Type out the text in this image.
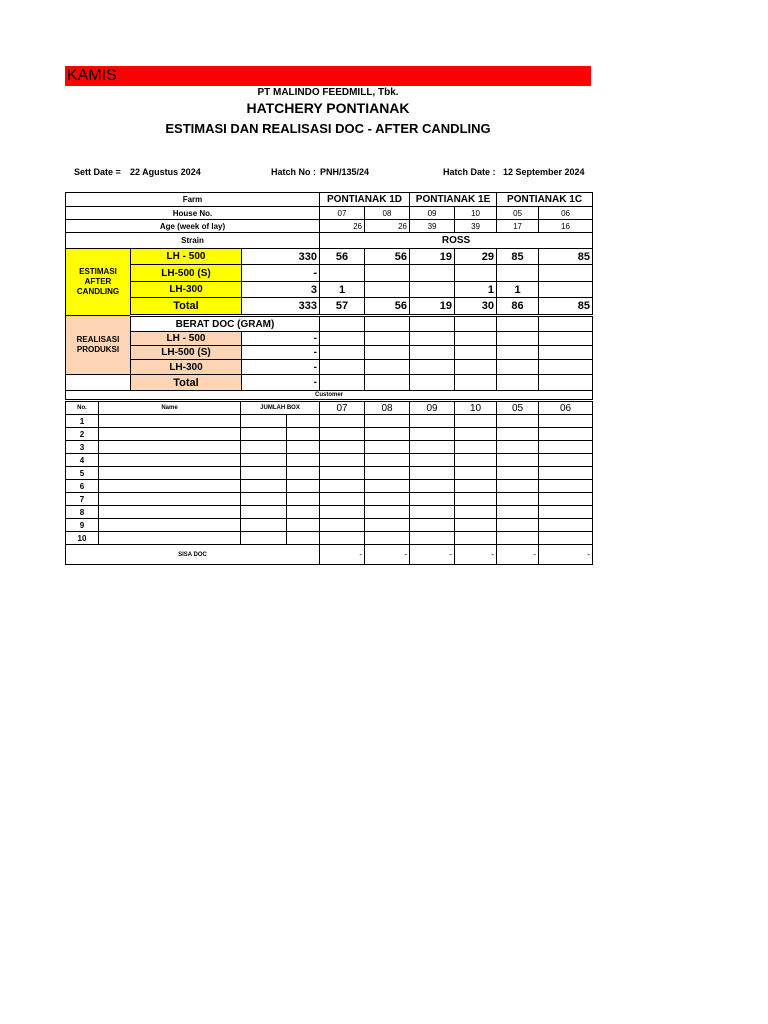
KAMIS
PT MALINDO FEEDMILL, Tbk.
HATCHERY PONTIANAK
ESTIMASI DAN REALISASI DOC - AFTER CANDLING
Sett Date = 22 Agustus 2024	Hatch No : PNH/135/24	Hatch Date : 12 September 2024
Farm			PONTIANAK 1D		PONTIANAK 1E		PONTIANAK 1C	
House No.			07	08	09	10	05	06
Age (week of lay)			26	26	39	39	17	16
Strain			ROSS					
ESTIMASI
AFTER
CANDLING	LH - 500	330	56	56	19	29	85	85
	LH-500 (S)	-						
	LH-300	3	1			1	1	
	Total	333	57	56	19	30	86	85
REALISASI
PRODUKSI	BERAT DOC (GRAM)							
	LH - 500	-						
	LH-500 (S)	-						
	LH-300	-						
	Total	-						
Customer								
No.	Name	JUMLAH BOX		07	08	09	10	05	06
1									
2									
3									
4									
5									
6									
7									
8									
9									
10									
SISA DOC				-	-	-	-	-	-
